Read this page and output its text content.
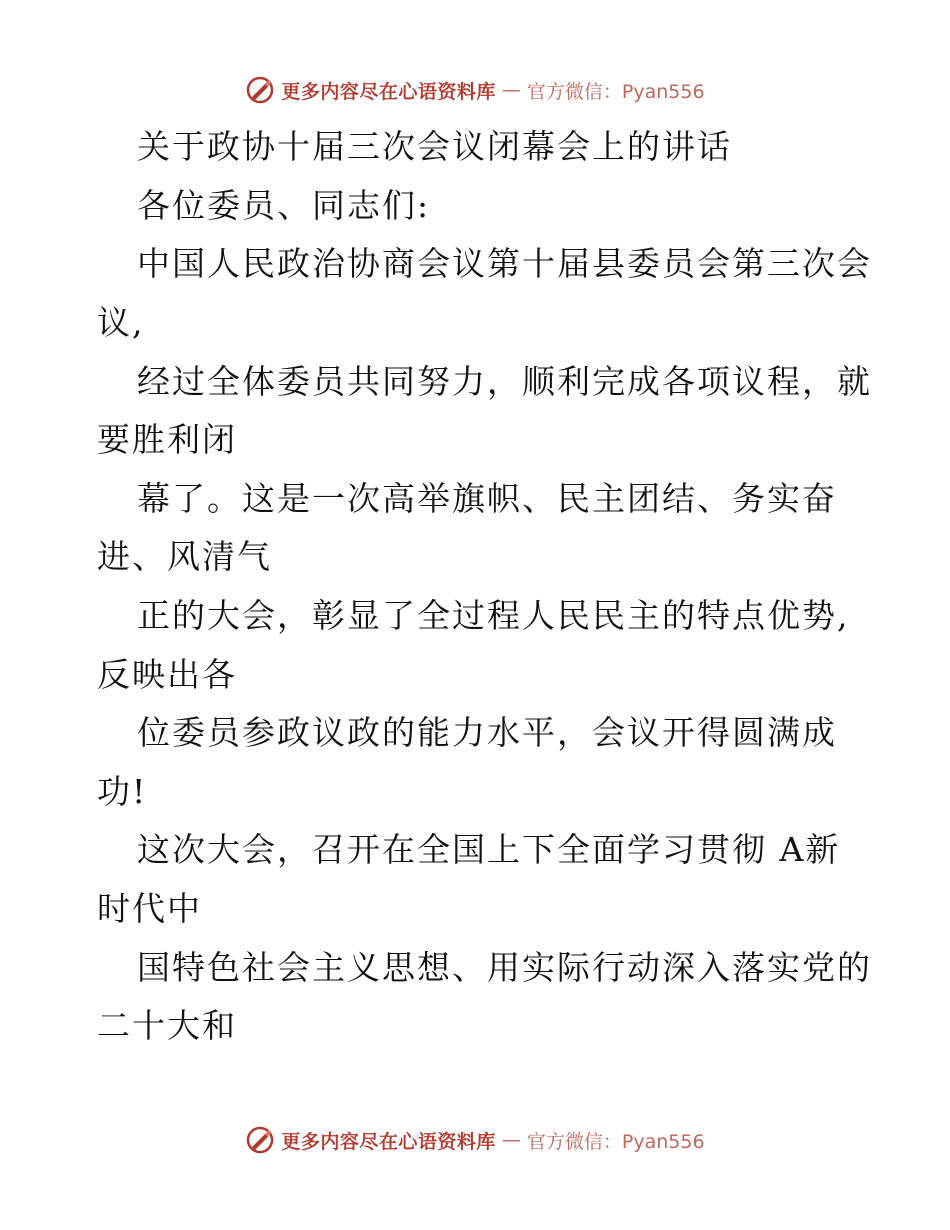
更多内容尽在心语资料库 — 官方微信：Pyan556
关于政协十届三次会议闭幕会上的讲话
各位委员、同志们:
中国人民政治协商会议第十届县委员会第三次会
议,
经过全体委员共同努力，顺利完成各项议程，就
要胜利闭
幕了。这是一次高举旗帜、民主团结、务实奋
进、风清气
正的大会，彰显了全过程人民民主的特点优势,
反映出各
位委员参政议政的能力水平，会议开得圆满成
功!
这次大会，召开在全国上下全面学习贯彻 A新
时代中
国特色社会主义思想、用实际行动深入落实党的
二十大和
更多内容尽在心语资料库 — 官方微信：Pyan556
